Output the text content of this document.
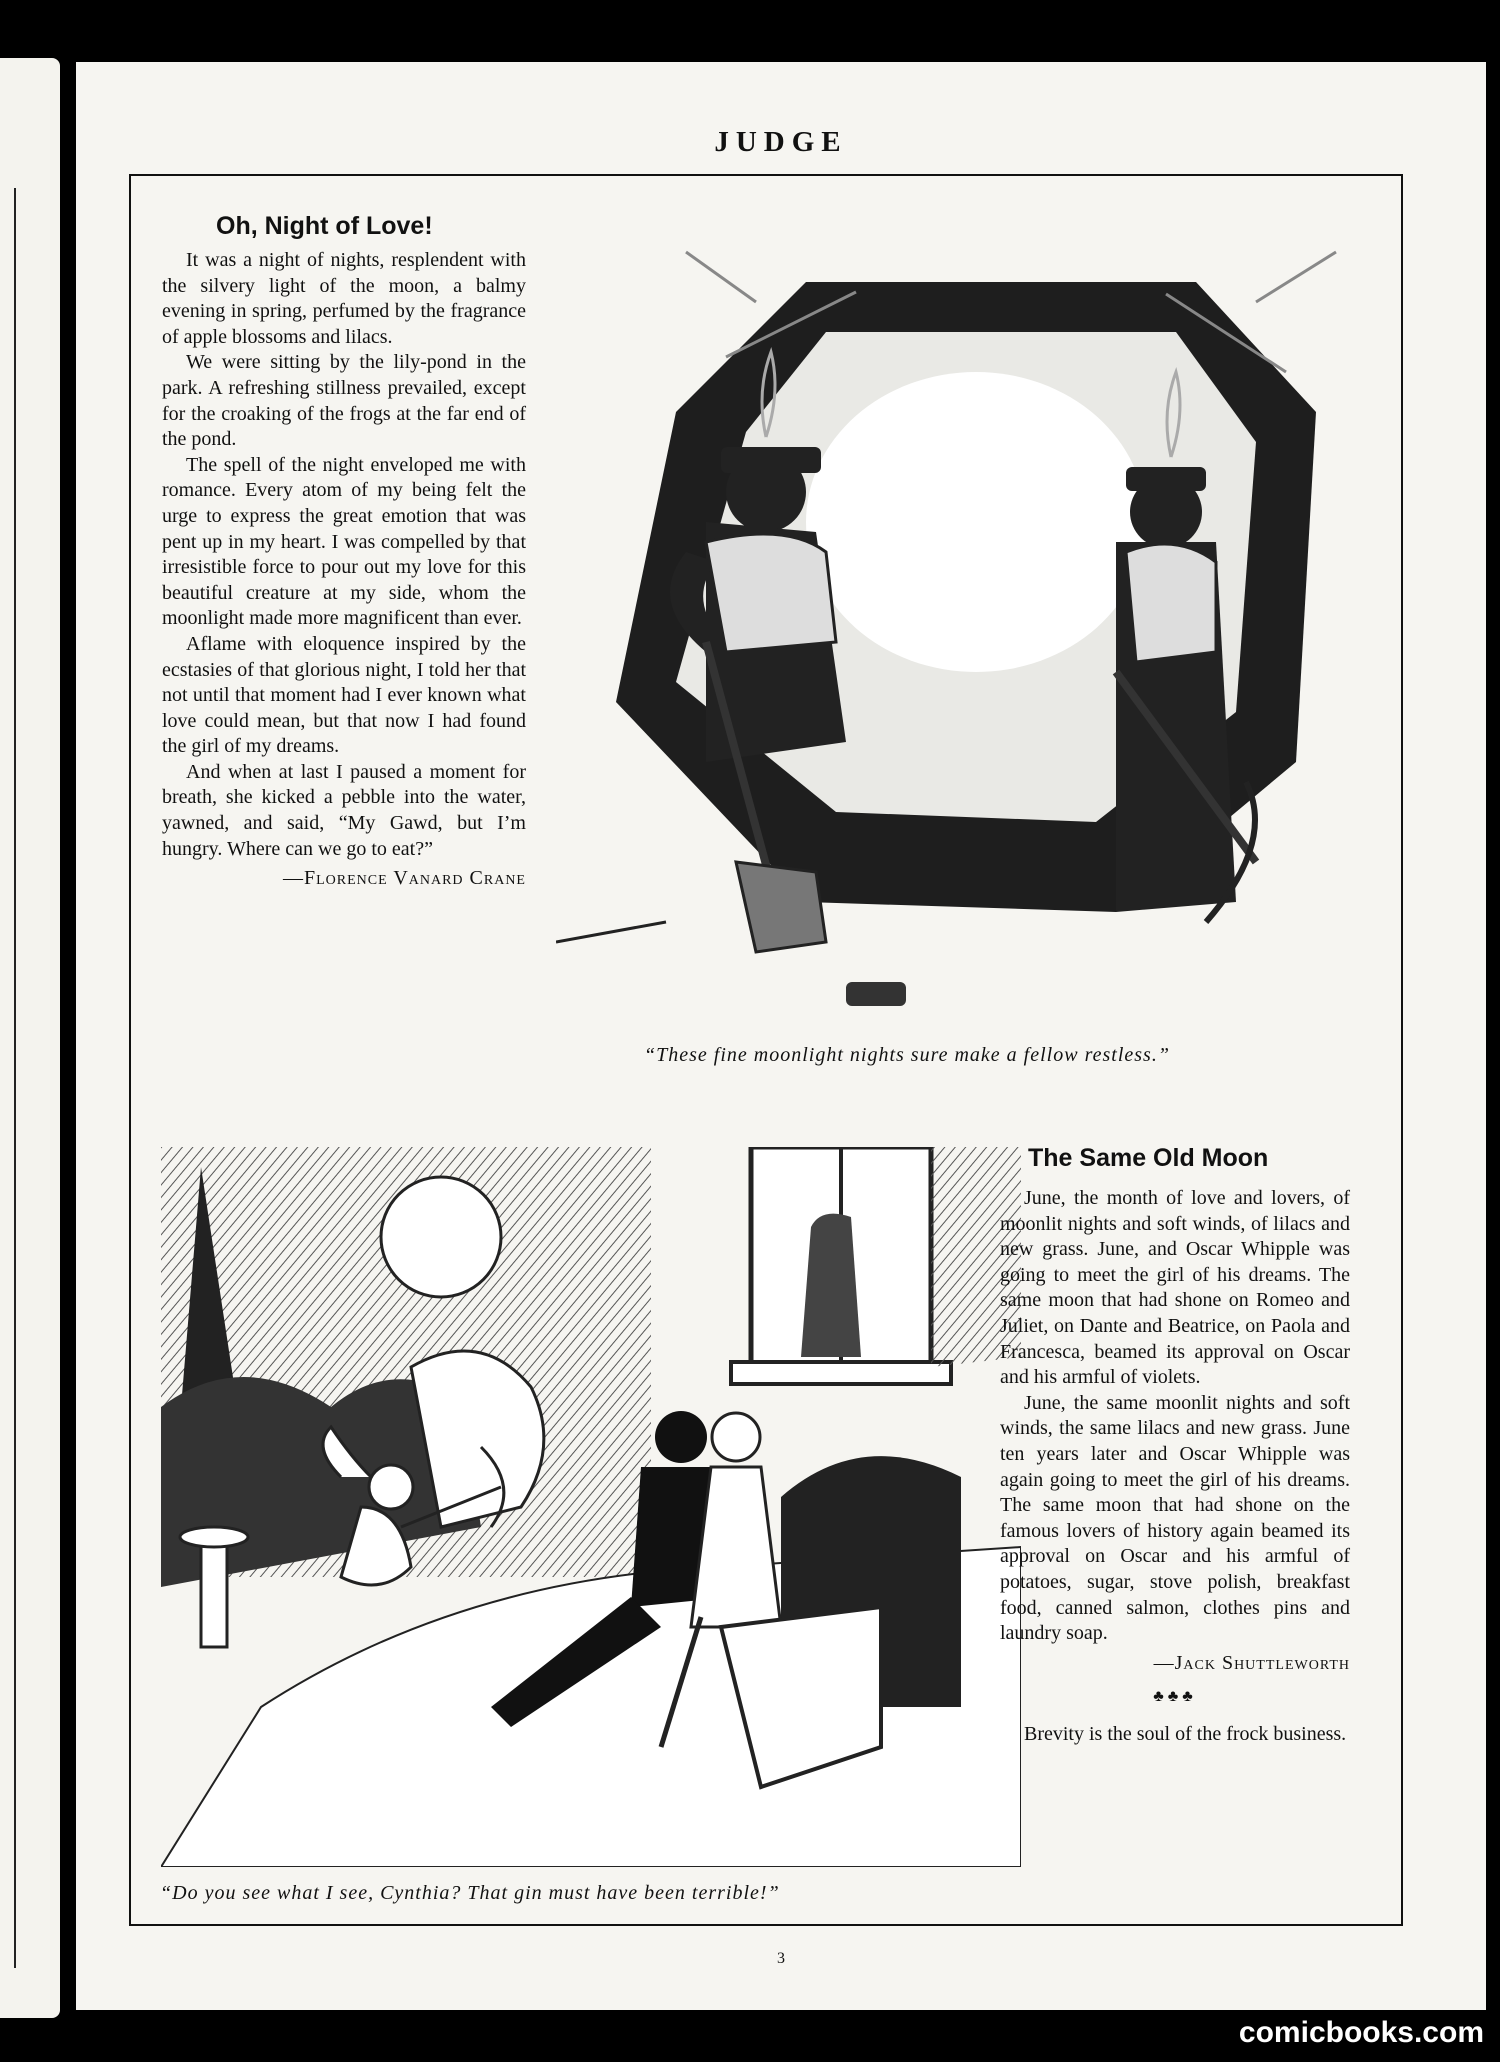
JUDGE
Oh, Night of Love!

It was a night of nights, resplendent with the silvery light of the moon, a balmy evening in spring, perfumed by the fragrance of apple blossoms and lilacs.

We were sitting by the lily-pond in the park. A refreshing stillness prevailed, except for the croaking of the frogs at the far end of the pond.

The spell of the night enveloped me with romance. Every atom of my being felt the urge to express the great emotion that was pent up in my heart. I was compelled by that irresistible force to pour out my love for this beautiful creature at my side, whom the moonlight made more magnificent than ever.

Aflame with eloquence inspired by the ecstasies of that glorious night, I told her that not until that moment had I ever known what love could mean, but that now I had found the girl of my dreams.

And when at last I paused a moment for breath, she kicked a pebble into the water, yawned, and said, “My Gawd, but I’m hungry. Where can we go to eat?”

—Florence Vanard Crane
“These fine moonlight nights sure make a fellow restless.”
“Do you see what I see, Cynthia? That gin must have been terrible!”
The Same Old Moon

June, the month of love and lovers, of moonlit nights and soft winds, of lilacs and new grass. June, and Oscar Whipple was going to meet the girl of his dreams. The same moon that had shone on Romeo and Juliet, on Dante and Beatrice, on Paola and Francesca, beamed its approval on Oscar and his armful of violets.

June, the same moonlit nights and soft winds, the same lilacs and new grass. June ten years later and Oscar Whipple was again going to meet the girl of his dreams. The same moon that had shone on the famous lovers of history again beamed its approval on Oscar and his armful of potatoes, sugar, stove polish, breakfast food, canned salmon, clothes pins and laundry soap.

—Jack Shuttleworth
♣♣♣

Brevity is the soul of the frock business.

3
comicbooks.com
